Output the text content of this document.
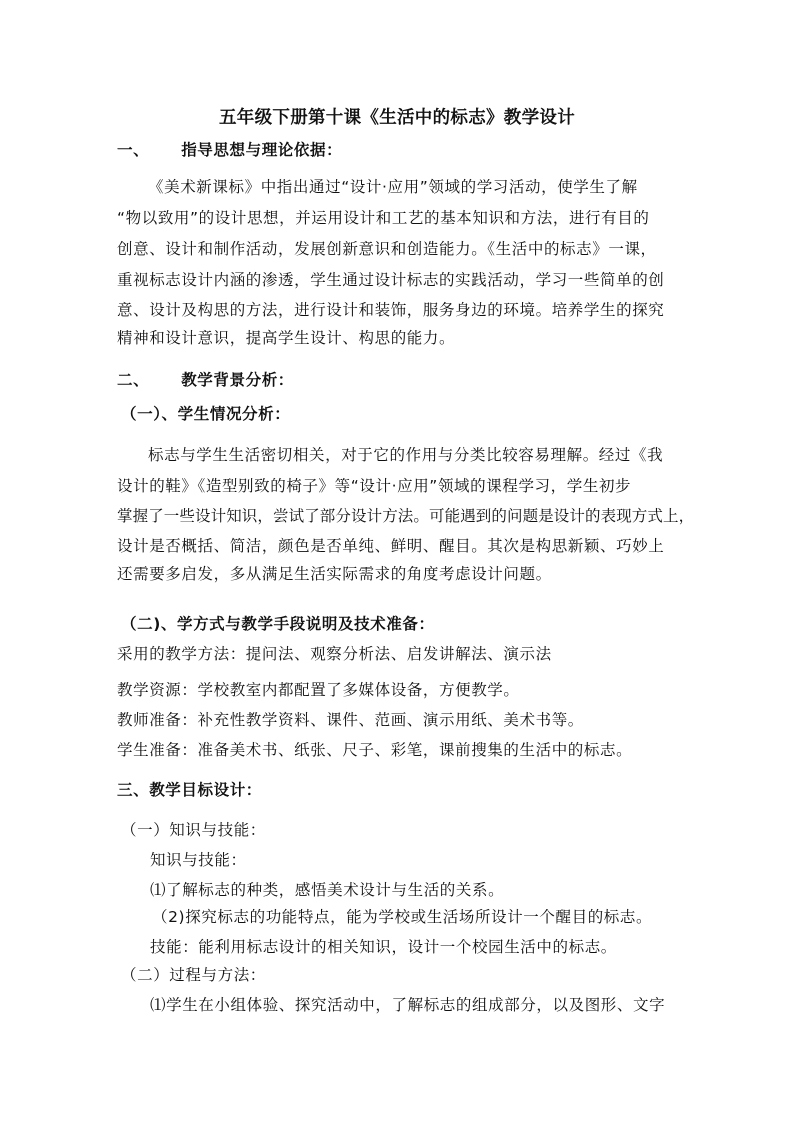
五年级下册第十课《生活中的标志》教学设计
一、 指导思想与理论依据：
《美术新课标》中指出通过“设计·应用”领域的学习活动，使学生了解
“物以致用”的设计思想，并运用设计和工艺的基本知识和方法，进行有目的
创意、设计和制作活动，发展创新意识和创造能力。《生活中的标志》一课，
重视标志设计内涵的渗透，学生通过设计标志的实践活动，学习一些简单的创
意、设计及构思的方法，进行设计和装饰，服务身边的环境。培养学生的探究
精神和设计意识，提高学生设计、构思的能力。
二、 教学背景分析：
（一）、学生情况分析：
标志与学生生活密切相关，对于它的作用与分类比较容易理解。经过《我
设计的鞋》《造型别致的椅子》等“设计·应用”领域的课程学习，学生初步
掌握了一些设计知识，尝试了部分设计方法。可能遇到的问题是设计的表现方式上，
设计是否概括、简洁，颜色是否单纯、鲜明、醒目。其次是构思新颖、巧妙上
还需要多启发，多从满足生活实际需求的角度考虑设计问题。
（二)、学方式与教学手段说明及技术准备：
采用的教学方法：提问法、观察分析法、启发讲解法、演示法
教学资源：学校教室内都配置了多媒体设备，方便教学。
教师准备：补充性教学资料、课件、范画、演示用纸、美术书等。
学生准备：准备美术书、纸张、尺子、彩笔，课前搜集的生活中的标志。
三、教学目标设计：
（一）知识与技能：
知识与技能：
⑴了解标志的种类，感悟美术设计与生活的关系。
（2)探究标志的功能特点，能为学校或生活场所设计一个醒目的标志。
技能：能利用标志设计的相关知识，设计一个校园生活中的标志。
（二）过程与方法：
⑴学生在小组体验、探究活动中，了解标志的组成部分，以及图形、文字
